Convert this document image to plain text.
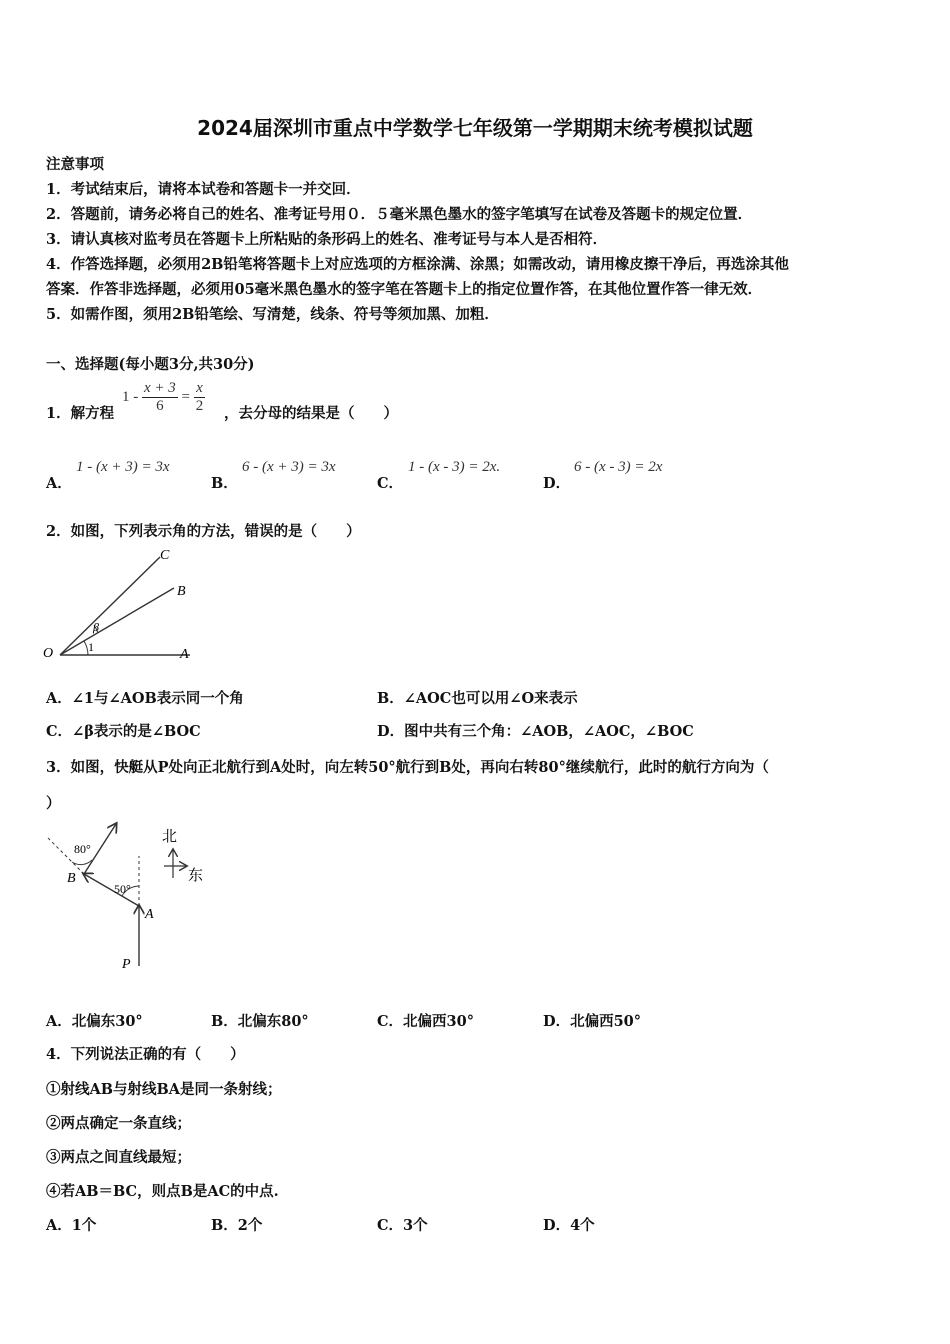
2024届深圳市重点中学数学七年级第一学期期末统考模拟试题
注意事项
1．考试结束后，请将本试卷和答题卡一并交回．
2．答题前，请务必将自己的姓名、准考证号用０．５毫米黑色墨水的签字笔填写在试卷及答题卡的规定位置．
3．请认真核对监考员在答题卡上所粘贴的条形码上的姓名、准考证号与本人是否相符．
4．作答选择题，必须用2B铅笔将答题卡上对应选项的方框涂满、涂黑；如需改动，请用橡皮擦干净后，再选涂其他
答案．作答非选择题，必须用05毫米黑色墨水的签字笔在答题卡上的指定位置作答，在其他位置作答一律无效．
5．如需作图，须用2B铅笔绘、写清楚，线条、符号等须加黑、加粗．
一、选择题(每小题3分,共30分)
1．解方程
$1 - \frac{x + 3}{6} = \frac{x}{2}$ ，去分母的结果是（　　）
A．
1 - (x + 3) = 3x
B．
6 - (x + 3) = 3x
C．
1 - (x - 3) = 2x.
D．
6 - (x - 3) = 2x
2．如图，下列表示角的方法，错误的是（　　）
C
B
O	A
β
1
A．∠1与∠AOB表示同一个角	B．∠AOC也可以用∠O来表示
C．∠β表示的是∠BOC	D．图中共有三个角：∠AOB，∠AOC，∠BOC
3．如图，快艇从P处向正北航行到A处时，向左转50°航行到B处，再向右转80°继续航行，此时的航行方向为（
）
80°
50°
B
A
P
北
东
A．北偏东30°	B．北偏东80°	C．北偏西30°	D．北偏西50°
4．下列说法正确的有（　　）
①射线AB与射线BA是同一条射线；
②两点确定一条直线；
③两点之间直线最短；
④若AB＝BC，则点B是AC的中点.
A．1个	B．2个	C．3个	D．4个
